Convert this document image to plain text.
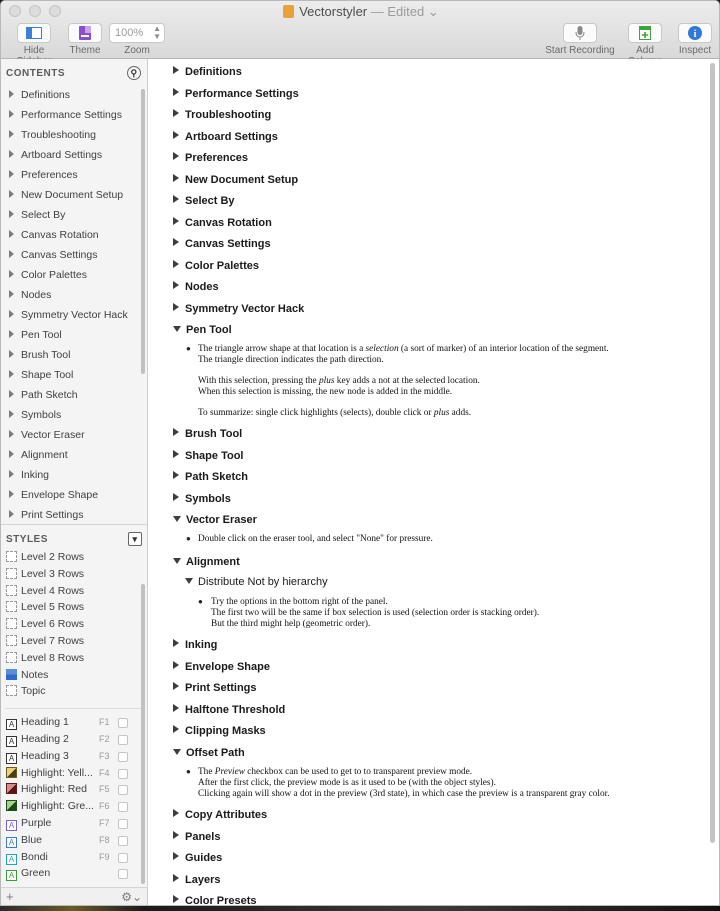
Vectorstyler — Edited ⌄
Hide	Theme
100% ▲
▼
Zoom	Start Recording	Add
i
Inspect
CONTENTS	⚲
Definitions
Performance Settings
Troubleshooting
Artboard Settings
Preferences
New Document Setup
Select By
Canvas Rotation
Canvas Settings
Color Palettes
Nodes
Symmetry Vector Hack
Pen Tool
Brush Tool
Shape Tool
Path Sketch
Symbols
Vector Eraser
Alignment
Inking
Envelope Shape
Print Settings
STYLES	▾
Level 2 Rows
Level 3 Rows
Level 4 Rows
Level 5 Rows
Level 6 Rows
Level 7 Rows
Level 8 Rows
Notes
Topic
A Heading 1	F1
A Heading 2	F2
A Heading 3	F3
Highlight: Yell... F4
Highlight: Red F5
Highlight: Gre... F6
A Purple	F7
A Blue	F8
A Bondi	F9
A Green
+	⚙⌄
Definitions
Performance Settings
Troubleshooting
Artboard Settings
Preferences
New Document Setup
Select By
Canvas Rotation
Canvas Settings
Color Palettes
Nodes
Symmetry Vector Hack
Pen Tool
● The triangle arrow shape at that location is a selection (a sort of marker) of an interior location of the segment.
The triangle direction indicates the path direction.
With this selection, pressing the plus key adds a not at the selected location.
When this selection is missing, the new node is added in the middle.
To summarize: single click highlights (selects), double click or plus adds.
Brush Tool
Shape Tool
Path Sketch
Symbols
Vector Eraser
● Double click on the eraser tool, and select "None" for pressure.
Alignment
Distribute Not by hierarchy
● Try the options in the bottom right of the panel.
The first two will be the same if box selection is used (selection order is stacking order).
But the third might help (geometric order).
Inking
Envelope Shape
Print Settings
Halftone Threshold
Clipping Masks
Offset Path
● The Preview checkbox can be used to get to to transparent preview mode.
After the first click, the preview mode is as it used to be (with the object styles).
Clicking again will show a dot in the preview (3rd state), in which case the preview is a transparent gray color.
Copy Attributes
Panels
Guides
Layers
Color Presets
